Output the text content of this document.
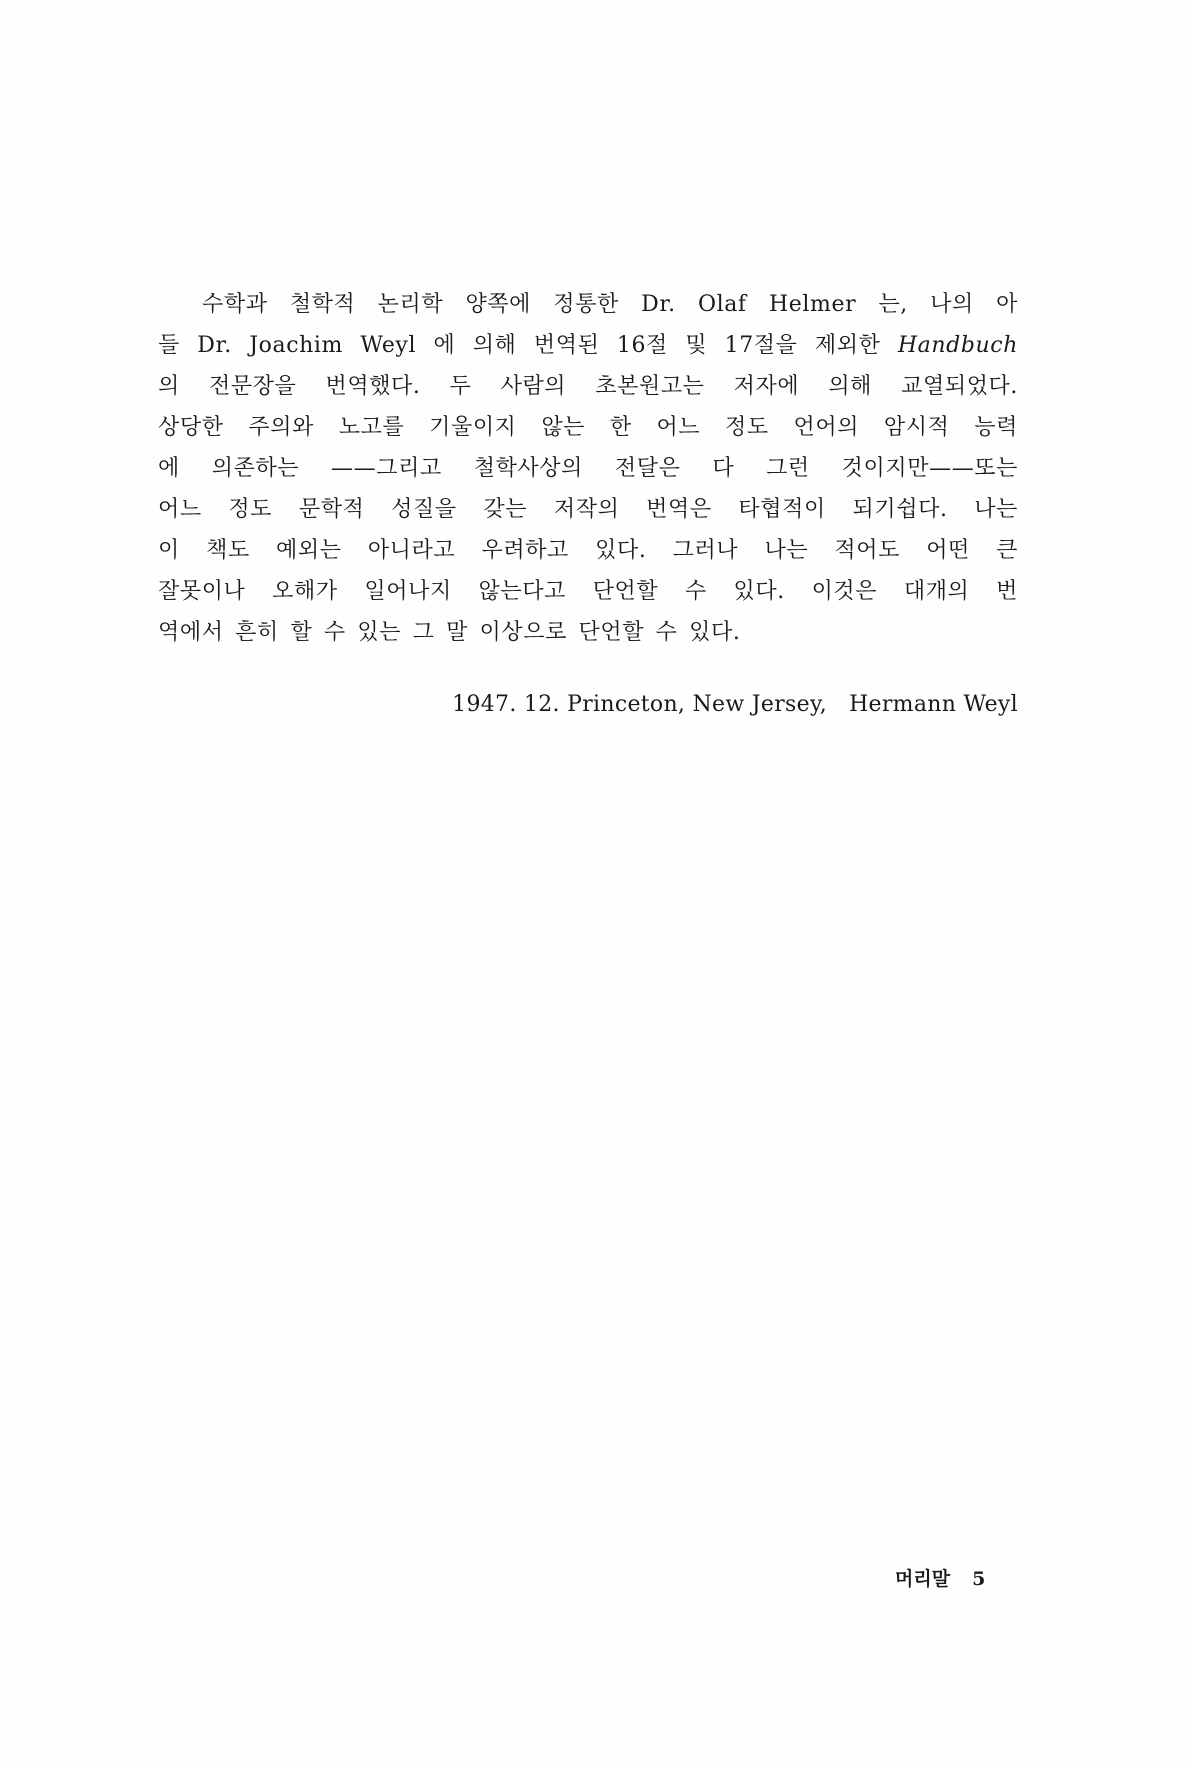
수학과 철학적 논리학 양쪽에 정통한 Dr. Olaf Helmer 는, 나의 아
들 Dr. Joachim Weyl 에 의해 번역된 16절 및 17절을 제외한 Handbuch
의 전문장을 번역했다. 두 사람의 초본원고는 저자에 의해 교열되었다.
상당한 주의와 노고를 기울이지 않는 한 어느 정도 언어의 암시적 능력
에 의존하는 ——그리고 철학사상의 전달은 다 그런 것이지만——또는
어느 정도 문학적 성질을 갖는 저작의 번역은 타협적이 되기쉽다. 나는
이 책도 예외는 아니라고 우려하고 있다. 그러나 나는 적어도 어떤 큰
잘못이나 오해가 일어나지 않는다고 단언할 수 있다. 이것은 대개의 번
역에서 흔히 할 수 있는 그 말 이상으로 단언할 수 있다.
1947. 12. Princeton, New Jersey, Hermann Weyl
머리말 5
